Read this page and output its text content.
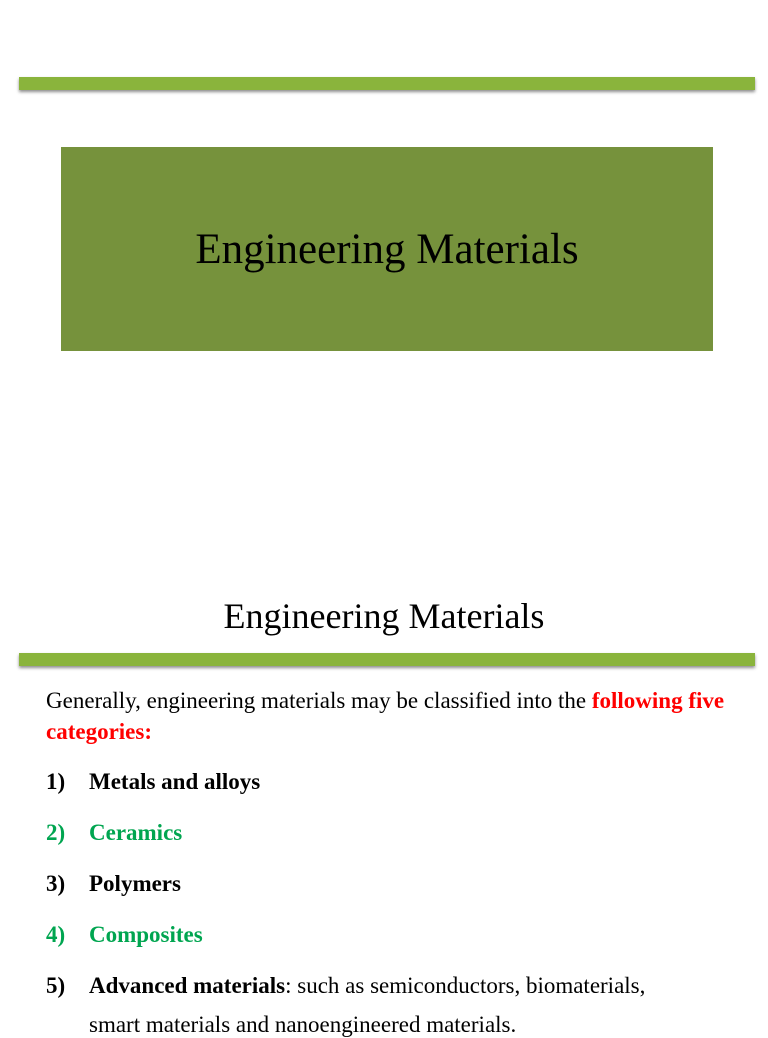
Engineering Materials
Engineering Materials
Generally, engineering materials may be classified into the following five categories:
1)	Metals and alloys
2)	Ceramics
3)	Polymers
4)	Composites
5)	Advanced materials : such as semiconductors, biomaterials,
smart materials and nanoengineered materials.
